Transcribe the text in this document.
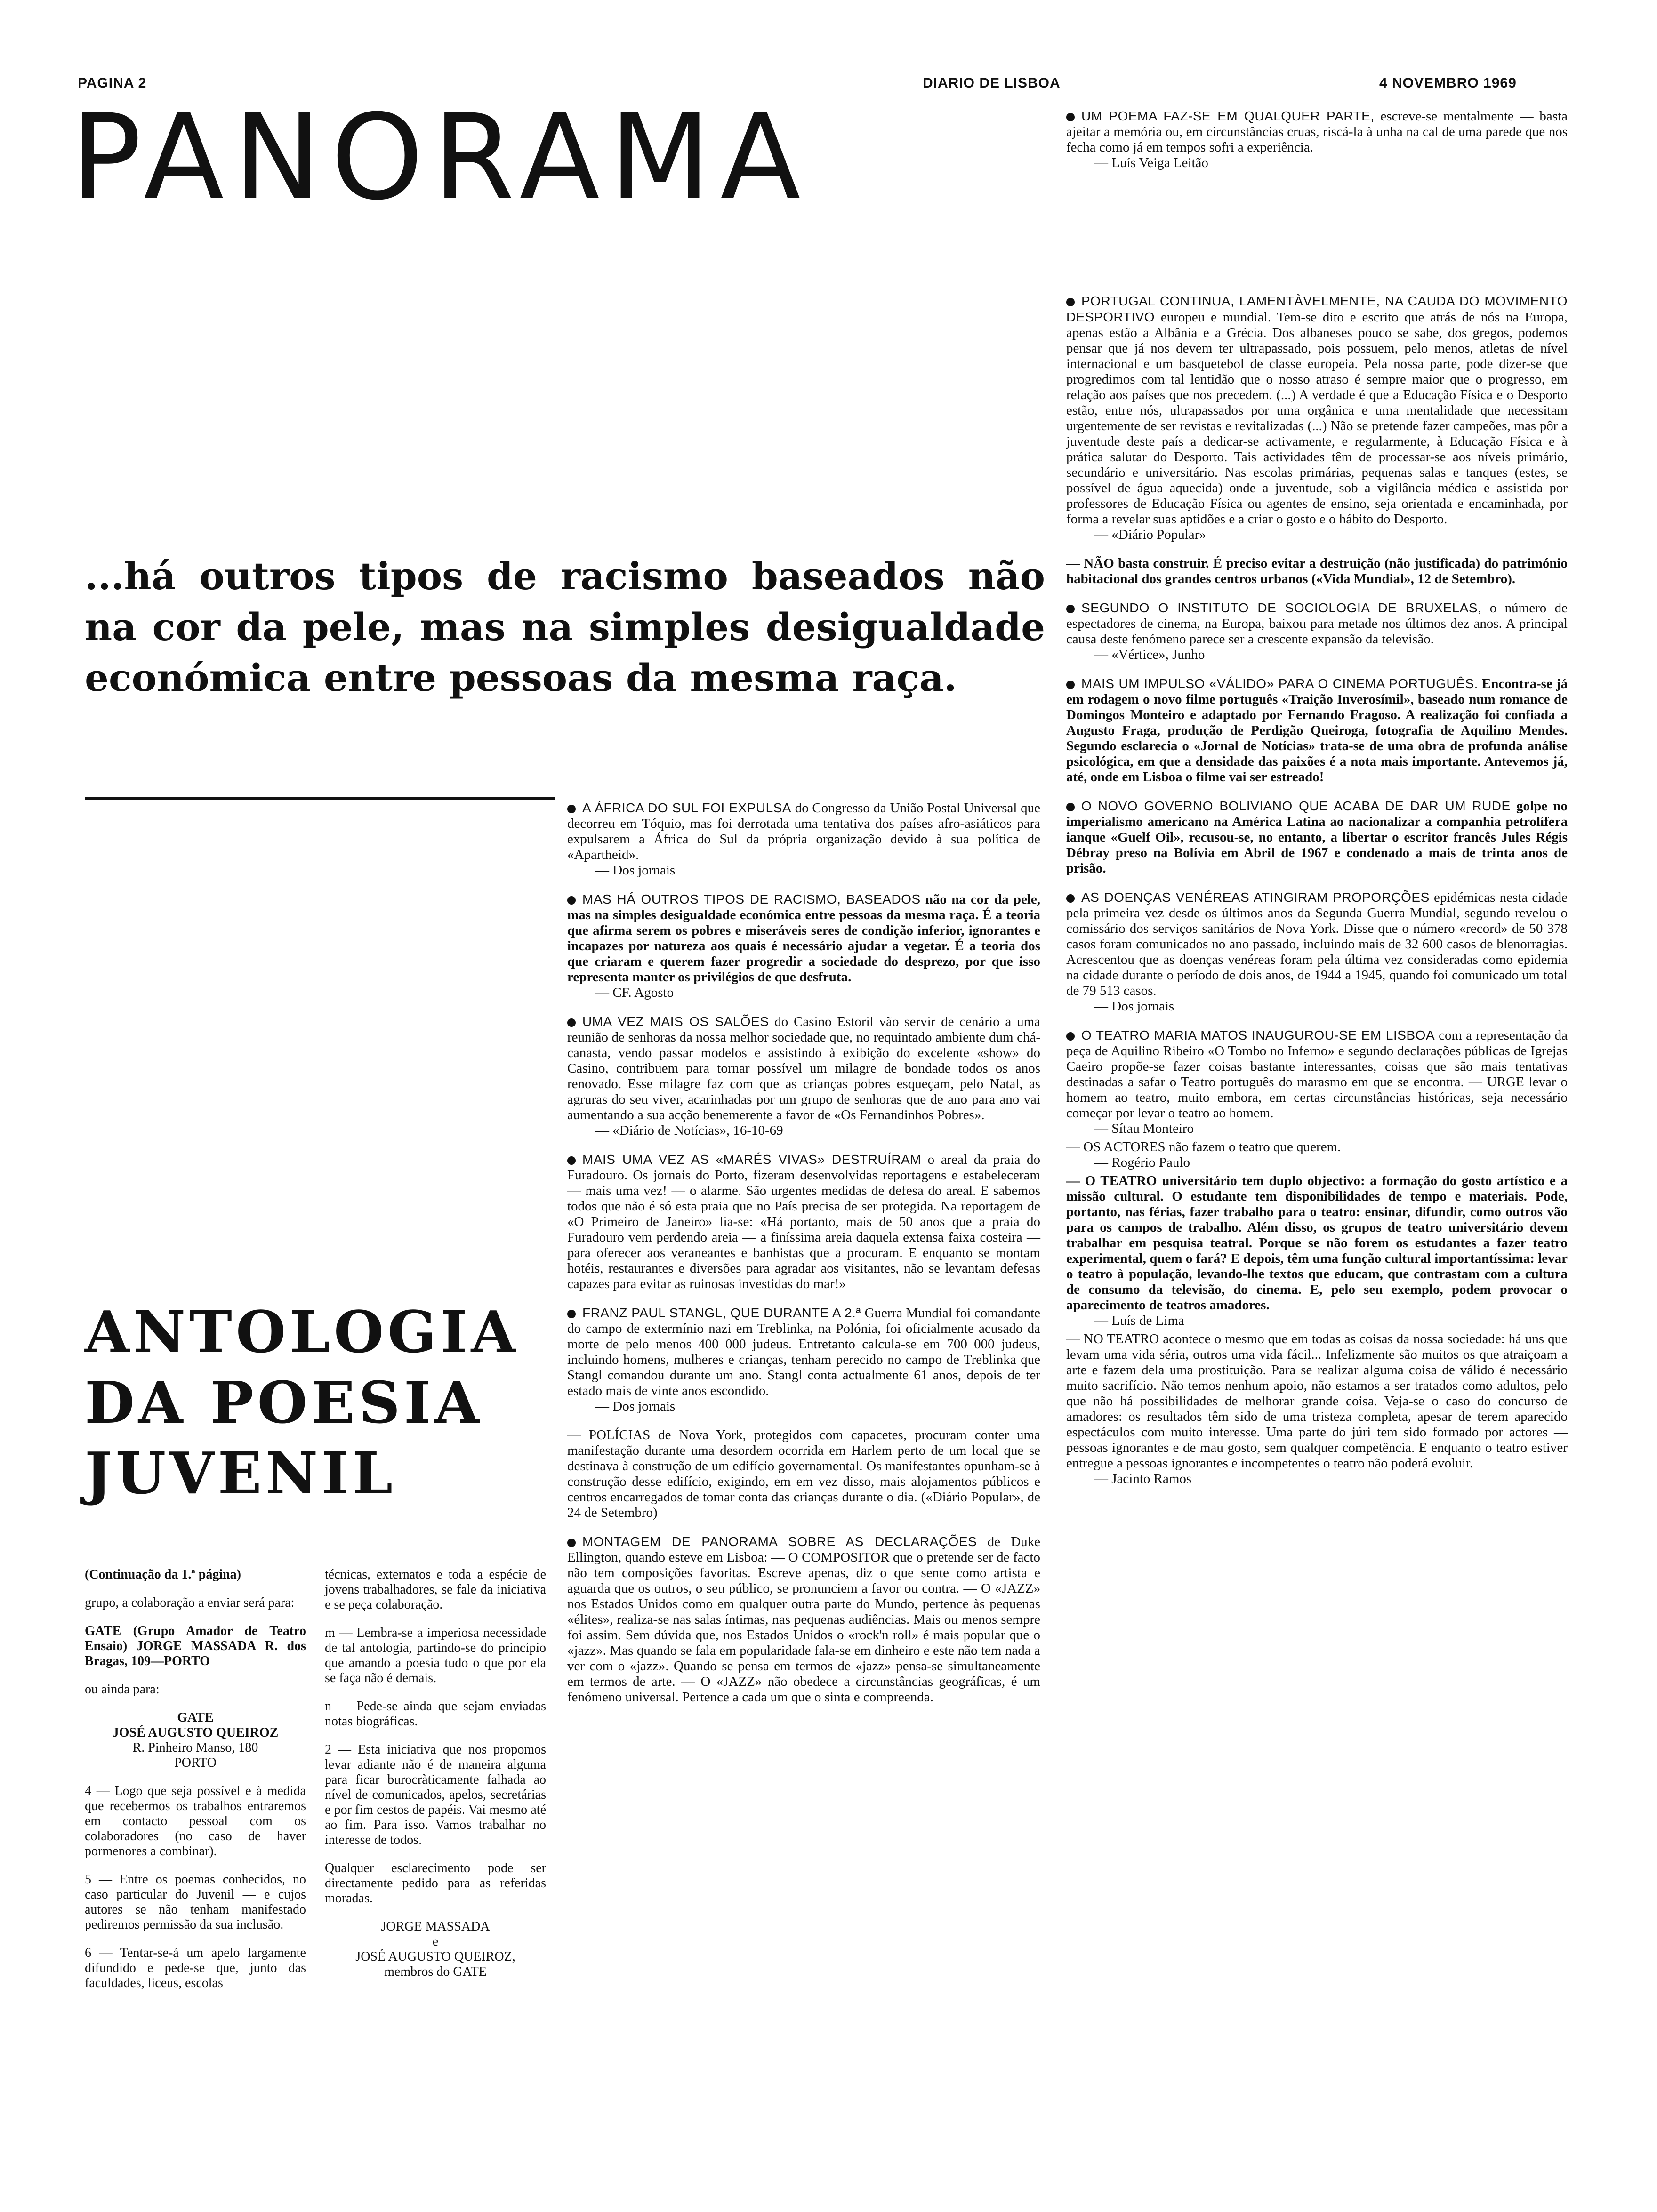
PAGINA 2	DIARIO DE LISBOA	4 NOVEMBRO 1969
PANORAMA
...há outros tipos de racismo baseados não na cor da pele, mas na simples desigualdade económica entre pessoas da mesma raça.
ANTOLOGIA
DA POESIA
JUVENIL

(Continuação da 1.ª página)

grupo, a colaboração a enviar será para:

GATE (Grupo Amador de Teatro Ensaio) JORGE MASSADA R. dos Bragas, 109—PORTO

ou ainda para:

GATE

JOSÉ AUGUSTO QUEIROZ

R. Pinheiro Manso, 180

PORTO

4 — Logo que seja possível e à medida que recebermos os trabalhos entraremos em contacto pessoal com os colaboradores (no caso de haver pormenores a combinar).

5 — Entre os poemas conhecidos, no caso particular do Juvenil — e cujos autores se não tenham manifestado pediremos permissão da sua inclusão.

6 — Tentar-se-á um apelo largamente difundido e pede-se que, junto das faculdades, liceus, escolas

técnicas, externatos e toda a espécie de jovens trabalhadores, se fale da iniciativa e se peça colaboração.

m — Lembra-se a imperiosa necessidade de tal antologia, partindo-se do princípio que amando a poesia tudo o que por ela se faça não é demais.

n — Pede-se ainda que sejam enviadas notas biográficas.

2 — Esta iniciativa que nos propomos levar adiante não é de maneira alguma para ficar burocràticamente falhada ao nível de comunicados, apelos, secretárias e por fim cestos de papéis. Vai mesmo até ao fim. Para isso. Vamos trabalhar no interesse de todos.

Qualquer esclarecimento pode ser directamente pedido para as referidas moradas.

JORGE MASSADA
e
JOSÉ AUGUSTO QUEIROZ,
membros do GATE
A ÁFRICA DO SUL FOI EXPULSA do Congresso da União Postal Universal que decorreu em Tóquio, mas foi derrotada uma tentativa dos países afro-asiáticos para expulsarem a África do Sul da própria organização devido à sua política de «Apartheid».
— Dos jornais
MAS HÁ OUTROS TIPOS DE RACISMO, BASEADOS não na cor da pele, mas na simples desigualdade económica entre pessoas da mesma raça. É a teoria que afirma serem os pobres e miseráveis seres de condição inferior, ignorantes e incapazes por natureza aos quais é necessário ajudar a vegetar. É a teoria dos que criaram e querem fazer progredir a sociedade do desprezo, por que isso representa manter os privilégios de que desfruta.
— CF. Agosto
UMA VEZ MAIS OS SALÕES do Casino Estoril vão servir de cenário a uma reunião de senhoras da nossa melhor sociedade que, no requintado ambiente dum chá-canasta, vendo passar modelos e assistindo à exibição do excelente «show» do Casino, contribuem para tornar possível um milagre de bondade todos os anos renovado. Esse milagre faz com que as crianças pobres esqueçam, pelo Natal, as agruras do seu viver, acarinhadas por um grupo de senhoras que de ano para ano vai aumentando a sua acção benemerente a favor de «Os Fernandinhos Pobres».
— «Diário de Notícias», 16-10-69
MAIS UMA VEZ AS «MARÉS VIVAS» DESTRUÍRAM o areal da praia do Furadouro. Os jornais do Porto, fizeram desenvolvidas reportagens e estabeleceram — mais uma vez! — o alarme. São urgentes medidas de defesa do areal. E sabemos todos que não é só esta praia que no País precisa de ser protegida. Na reportagem de «O Primeiro de Janeiro» lia-se: «Há portanto, mais de 50 anos que a praia do Furadouro vem perdendo areia — a finíssima areia daquela extensa faixa costeira — para oferecer aos veraneantes e banhistas que a procuram. E enquanto se montam hotéis, restaurantes e diversões para agradar aos visitantes, não se levantam defesas capazes para evitar as ruinosas investidas do mar!»
FRANZ PAUL STANGL, QUE DURANTE A 2.ª Guerra Mundial foi comandante do campo de extermínio nazi em Treblinka, na Polónia, foi oficialmente acusado da morte de pelo menos 400 000 judeus. Entretanto calcula-se em 700 000 judeus, incluindo homens, mulheres e crianças, tenham perecido no campo de Treblinka que Stangl comandou durante um ano. Stangl conta actualmente 61 anos, depois de ter estado mais de vinte anos escondido.
— Dos jornais
— POLÍCIAS de Nova York, protegidos com capacetes, procuram conter uma manifestação durante uma desordem ocorrida em Harlem perto de um local que se destinava à construção de um edifício governamental. Os manifestantes opunham-se à construção desse edifício, exigindo, em em vez disso, mais alojamentos públicos e centros encarregados de tomar conta das crianças durante o dia. («Diário Popular», de 24 de Setembro)
MONTAGEM DE PANORAMA SOBRE AS DECLARAÇÕES de Duke Ellington, quando esteve em Lisboa: — O COMPOSITOR que o pretende ser de facto não tem composições favoritas. Escreve apenas, diz o que sente como artista e aguarda que os outros, o seu público, se pronunciem a favor ou contra. — O «JAZZ» nos Estados Unidos como em qualquer outra parte do Mundo, pertence às pequenas «élites», realiza-se nas salas íntimas, nas pequenas audiências. Mais ou menos sempre foi assim. Sem dúvida que, nos Estados Unidos o «rock'n roll» é mais popular que o «jazz». Mas quando se fala em popularidade fala-se em dinheiro e este não tem nada a ver com o «jazz». Quando se pensa em termos de «jazz» pensa-se simultaneamente em termos de arte. — O «JAZZ» não obedece a circunstâncias geográficas, é um fenómeno universal. Pertence a cada um que o sinta e compreenda.
UM POEMA FAZ-SE EM QUALQUER PARTE, escreve-se mentalmente — basta ajeitar a memória ou, em circunstâncias cruas, riscá-la à unha na cal de uma parede que nos fecha como já em tempos sofri a experiência.
— Luís Veiga Leitão
PORTUGAL CONTINUA, LAMENTÀVELMENTE, NA CAUDA DO MOVIMENTO DESPORTIVO europeu e mundial. Tem-se dito e escrito que atrás de nós na Europa, apenas estão a Albânia e a Grécia. Dos albaneses pouco se sabe, dos gregos, podemos pensar que já nos devem ter ultrapassado, pois possuem, pelo menos, atletas de nível internacional e um basquetebol de classe europeia. Pela nossa parte, pode dizer-se que progredimos com tal lentidão que o nosso atraso é sempre maior que o progresso, em relação aos países que nos precedem. (...) A verdade é que a Educação Física e o Desporto estão, entre nós, ultrapassados por uma orgânica e uma mentalidade que necessitam urgentemente de ser revistas e revitalizadas (...) Não se pretende fazer campeões, mas pôr a juventude deste país a dedicar-se activamente, e regularmente, à Educação Física e à prática salutar do Desporto. Tais actividades têm de processar-se aos níveis primário, secundário e universitário. Nas escolas primárias, pequenas salas e tanques (estes, se possível de água aquecida) onde a juventude, sob a vigilância médica e assistida por professores de Educação Física ou agentes de ensino, seja orientada e encaminhada, por forma a revelar suas aptidões e a criar o gosto e o hábito do Desporto.
— «Diário Popular»
— NÃO basta construir. É preciso evitar a destruição (não justificada) do património habitacional dos grandes centros urbanos («Vida Mundial», 12 de Setembro).
SEGUNDO O INSTITUTO DE SOCIOLOGIA DE BRUXELAS, o número de espectadores de cinema, na Europa, baixou para metade nos últimos dez anos. A principal causa deste fenómeno parece ser a crescente expansão da televisão.
— «Vértice», Junho
MAIS UM IMPULSO «VÁLIDO» PARA O CINEMA PORTUGUÊS. Encontra-se já em rodagem o novo filme português «Traição Inverosímil», baseado num romance de Domingos Monteiro e adaptado por Fernando Fragoso. A realização foi confiada a Augusto Fraga, produção de Perdigão Queiroga, fotografia de Aquilino Mendes. Segundo esclarecia o «Jornal de Notícias» trata-se de uma obra de profunda análise psicológica, em que a densidade das paixões é a nota mais importante. Antevemos já, até, onde em Lisboa o filme vai ser estreado!
O NOVO GOVERNO BOLIVIANO QUE ACABA DE DAR UM RUDE golpe no imperialismo americano na América Latina ao nacionalizar a companhia petrolífera ianque «Guelf Oil», recusou-se, no entanto, a libertar o escritor francês Jules Régis Débray preso na Bolívia em Abril de 1967 e condenado a mais de trinta anos de prisão.
AS DOENÇAS VENÉREAS ATINGIRAM PROPORÇÕES epidémicas nesta cidade pela primeira vez desde os últimos anos da Segunda Guerra Mundial, segundo revelou o comissário dos serviços sanitários de Nova York. Disse que o número «record» de 50 378 casos foram comunicados no ano passado, incluindo mais de 32 600 casos de blenorragias. Acrescentou que as doenças venéreas foram pela última vez consideradas como epidemia na cidade durante o período de dois anos, de 1944 a 1945, quando foi comunicado um total de 79 513 casos.
— Dos jornais
O TEATRO MARIA MATOS INAUGUROU-SE EM LISBOA com a representação da peça de Aquilino Ribeiro «O Tombo no Inferno» e segundo declarações públicas de Igrejas Caeiro propõe-se fazer coisas bastante interessantes, coisas que são mais tentativas destinadas a safar o Teatro português do marasmo em que se encontra. — URGE levar o homem ao teatro, muito embora, em certas circunstâncias históricas, seja necessário começar por levar o teatro ao homem.
— Sítau Monteiro
— OS ACTORES não fazem o teatro que querem.
— Rogério Paulo
— O TEATRO universitário tem duplo objectivo: a formação do gosto artístico e a missão cultural. O estudante tem disponibilidades de tempo e materiais. Pode, portanto, nas férias, fazer trabalho para o teatro: ensinar, difundir, como outros vão para os campos de trabalho. Além disso, os grupos de teatro universitário devem trabalhar em pesquisa teatral. Porque se não forem os estudantes a fazer teatro experimental, quem o fará? E depois, têm uma função cultural importantíssima: levar o teatro à população, levando-lhe textos que educam, que contrastam com a cultura de consumo da televisão, do cinema. E, pelo seu exemplo, podem provocar o aparecimento de teatros amadores.
— Luís de Lima
— NO TEATRO acontece o mesmo que em todas as coisas da nossa sociedade: há uns que levam uma vida séria, outros uma vida fácil... Infelizmente são muitos os que atraiçoam a arte e fazem dela uma prostituição. Para se realizar alguma coisa de válido é necessário muito sacrifício. Não temos nenhum apoio, não estamos a ser tratados como adultos, pelo que não há possibilidades de melhorar grande coisa. Veja-se o caso do concurso de amadores: os resultados têm sido de uma tristeza completa, apesar de terem aparecido espectáculos com muito interesse. Uma parte do júri tem sido formado por actores — pessoas ignorantes e de mau gosto, sem qualquer competência. E enquanto o teatro estiver entregue a pessoas ignorantes e incompetentes o teatro não poderá evoluir.
— Jacinto Ramos
